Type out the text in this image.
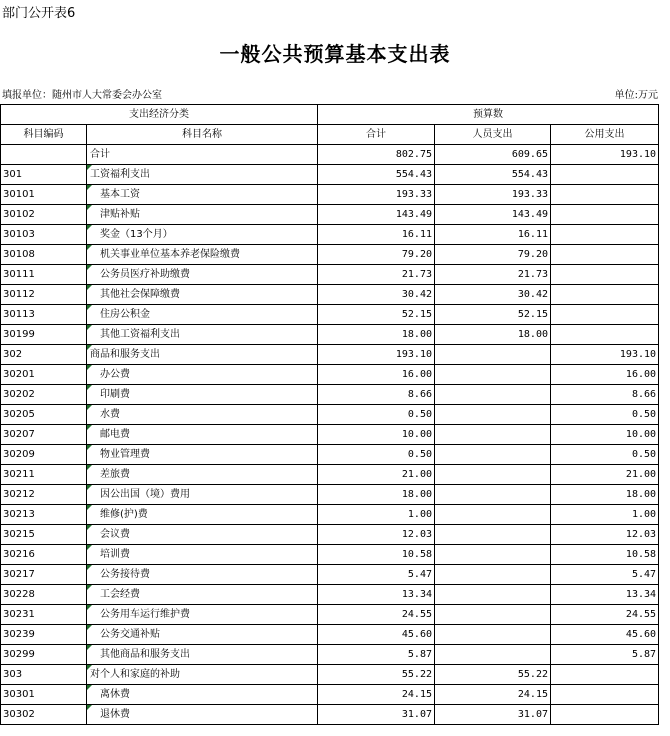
部门公开表6
一般公共预算基本支出表
填报单位：随州市人大常委会办公室	单位:万元
支出经济分类		预算数		
科目编码	科目名称	合计	人员支出	公用支出
	合计	802.75	609.65	193.10
301	工资福利支出	554.43	554.43	
30101	基本工资	193.33	193.33	
30102	津贴补贴	143.49	143.49	
30103	奖金（13个月）	16.11	16.11	
30108	机关事业单位基本养老保险缴费	79.20	79.20	
30111	公务员医疗补助缴费	21.73	21.73	
30112	其他社会保障缴费	30.42	30.42	
30113	住房公积金	52.15	52.15	
30199	其他工资福利支出	18.00	18.00	
302	商品和服务支出	193.10		193.10
30201	办公费	16.00		16.00
30202	印刷费	8.66		8.66
30205	水费	0.50		0.50
30207	邮电费	10.00		10.00
30209	物业管理费	0.50		0.50
30211	差旅费	21.00		21.00
30212	因公出国（境）费用	18.00		18.00
30213	维修(护)费	1.00		1.00
30215	会议费	12.03		12.03
30216	培训费	10.58		10.58
30217	公务接待费	5.47		5.47
30228	工会经费	13.34		13.34
30231	公务用车运行维护费	24.55		24.55
30239	公务交通补贴	45.60		45.60
30299	其他商品和服务支出	5.87		5.87
303	对个人和家庭的补助	55.22	55.22	
30301	离休费	24.15	24.15	
30302	退休费	31.07	31.07	
